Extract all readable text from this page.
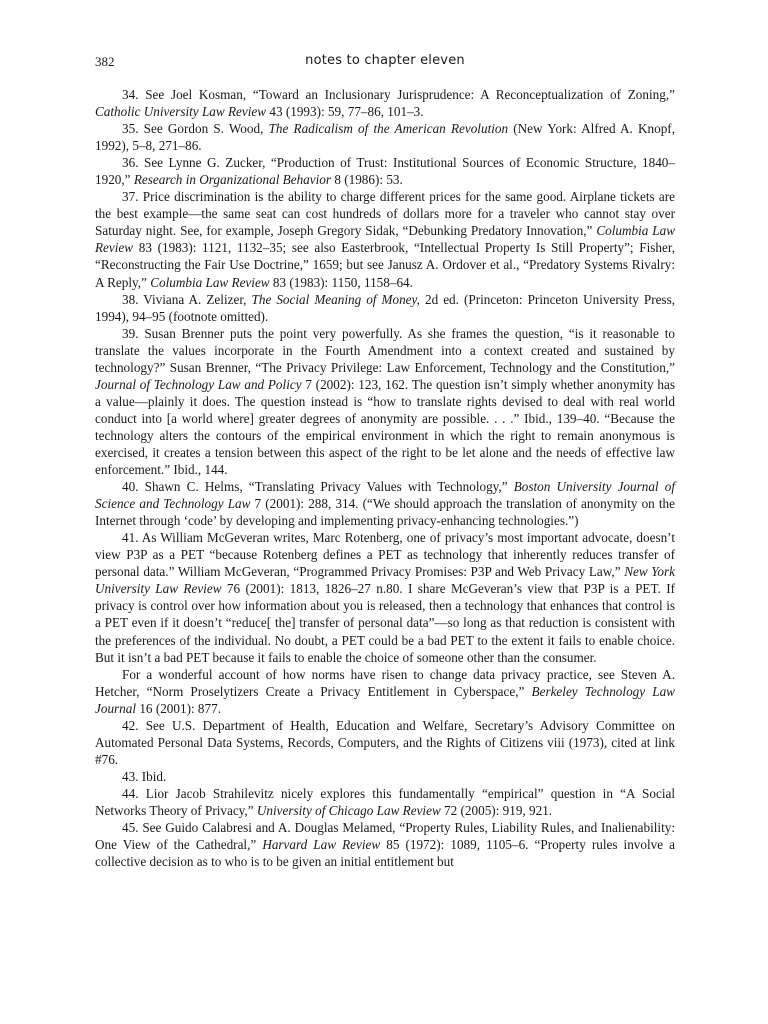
382	notes to chapter eleven

34. See Joel Kosman, “Toward an Inclusionary Jurisprudence: A Reconceptualization of Zoning,” Catholic University Law Review 43 (1993): 59, 77–86, 101–3.

35. See Gordon S. Wood, The Radicalism of the American Revolution (New York: Alfred A. Knopf, 1992), 5–8, 271–86.

36. See Lynne G. Zucker, “Production of Trust: Institutional Sources of Economic Structure, 1840–1920,” Research in Organizational Behavior 8 (1986): 53.

37. Price discrimination is the ability to charge different prices for the same good. Airplane tickets are the best example—the same seat can cost hundreds of dollars more for a traveler who cannot stay over Saturday night. See, for example, Joseph Gregory Sidak, “Debunking Predatory Innovation,” Columbia Law Review 83 (1983): 1121, 1132–35; see also Easterbrook, “Intellectual Property Is Still Property”; Fisher, “Reconstructing the Fair Use Doctrine,” 1659; but see Janusz A. Ordover et al., “Predatory Systems Rivalry: A Reply,” Columbia Law Review 83 (1983): 1150, 1158–64.

38. Viviana A. Zelizer, The Social Meaning of Money, 2d ed. (Princeton: Princeton University Press, 1994), 94–95 (footnote omitted).

39. Susan Brenner puts the point very powerfully. As she frames the question, “is it reasonable to translate the values incorporate in the Fourth Amendment into a context created and sustained by technology?” Susan Brenner, “The Privacy Privilege: Law Enforcement, Technology and the Constitution,” Journal of Technology Law and Policy 7 (2002): 123, 162. The question isn’t simply whether anonymity has a value—plainly it does. The question instead is “how to translate rights devised to deal with real world conduct into [a world where] greater degrees of anonymity are possible. . . .” Ibid., 139–40. “Because the technology alters the contours of the empirical environment in which the right to remain anonymous is exercised, it creates a tension between this aspect of the right to be let alone and the needs of effective law enforcement.” Ibid., 144.

40. Shawn C. Helms, “Translating Privacy Values with Technology,” Boston University Journal of Science and Technology Law 7 (2001): 288, 314. (“We should approach the translation of anonymity on the Internet through ‘code’ by developing and implementing privacy-enhancing technologies.”)

41. As William McGeveran writes, Marc Rotenberg, one of privacy’s most important advocate, doesn’t view P3P as a PET “because Rotenberg defines a PET as technology that inherently reduces transfer of personal data.” William McGeveran, “Programmed Privacy Promises: P3P and Web Privacy Law,” New York University Law Review 76 (2001): 1813, 1826–27 n.80. I share McGeveran’s view that P3P is a PET. If privacy is control over how information about you is released, then a technology that enhances that control is a PET even if it doesn’t “reduce[ the] transfer of personal data”—so long as that reduction is consistent with the preferences of the individual. No doubt, a PET could be a bad PET to the extent it fails to enable choice. But it isn’t a bad PET because it fails to enable the choice of someone other than the consumer.

For a wonderful account of how norms have risen to change data privacy practice, see Steven A. Hetcher, “Norm Proselytizers Create a Privacy Entitlement in Cyberspace,” Berkeley Technology Law Journal 16 (2001): 877.

42. See U.S. Department of Health, Education and Welfare, Secretary’s Advisory Committee on Automated Personal Data Systems, Records, Computers, and the Rights of Citizens viii (1973), cited at link #76.

43. Ibid.

44. Lior Jacob Strahilevitz nicely explores this fundamentally “empirical” question in “A Social Networks Theory of Privacy,” University of Chicago Law Review 72 (2005): 919, 921.

45. See Guido Calabresi and A. Douglas Melamed, “Property Rules, Liability Rules, and Inalienability: One View of the Cathedral,” Harvard Law Review 85 (1972): 1089, 1105–6. “Property rules involve a collective decision as to who is to be given an initial entitlement but
